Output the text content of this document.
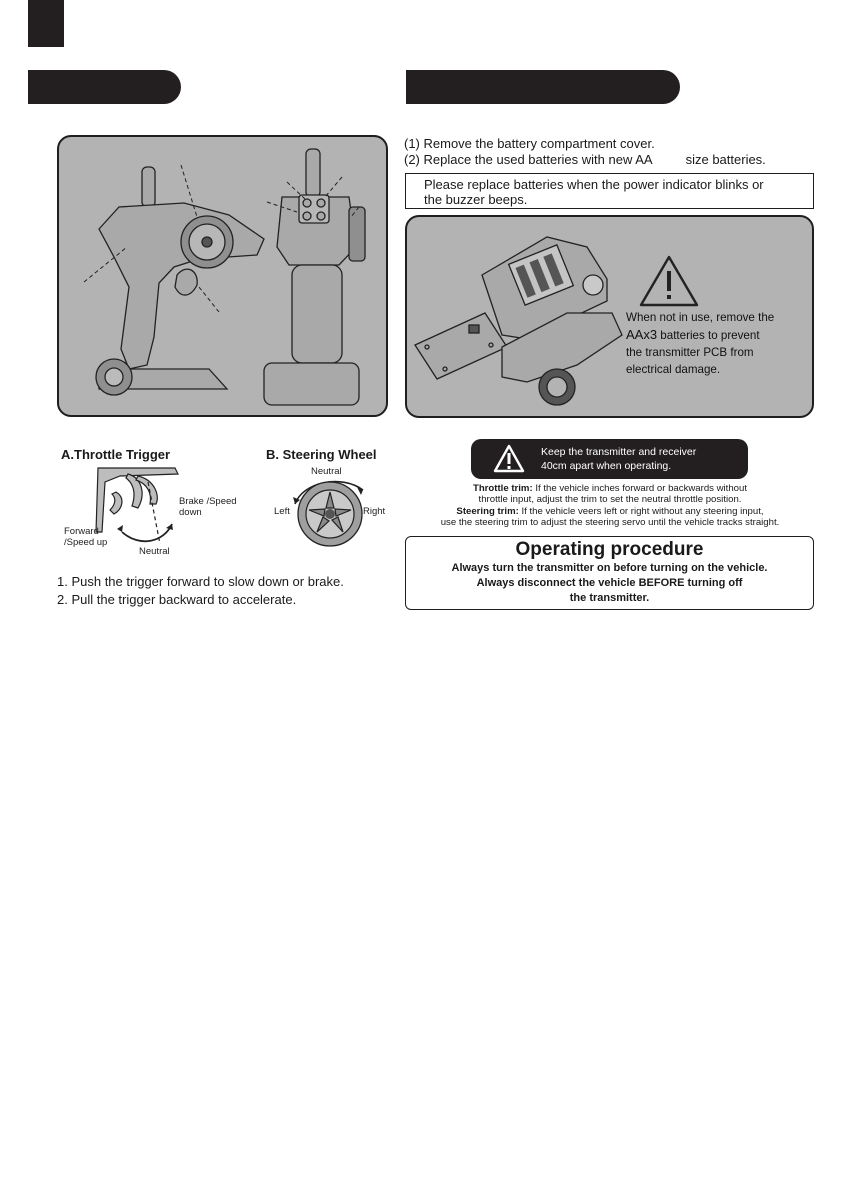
(1) Remove the battery compartment cover.
(2) Replace the used batteries with new AA	size batteries.
Please replace batteries when the power indicator blinks or
the buzzer beeps.
When not in use, remove the
AAx3 batteries to prevent
the transmitter PCB from
electrical damage.
A.Throttle Trigger	B. Steering Wheel
Brake /Speed
down
Forward
/Speed up
Neutral
Neutral
Left	Right
1. Push the trigger forward to slow down or brake.
2. Pull the trigger backward to accelerate.
Keep the transmitter and receiver
40cm apart when operating.
Throttle trim: If the vehicle inches forward or backwards without
throttle input, adjust the trim to set the neutral throttle position.
Steering trim: If the vehicle veers left or right without any steering input,
use the steering trim to adjust the steering servo until the vehicle tracks straight.
Operating procedure
Always turn the transmitter on before turning on the vehicle.
Always disconnect the vehicle BEFORE turning off
the transmitter.
